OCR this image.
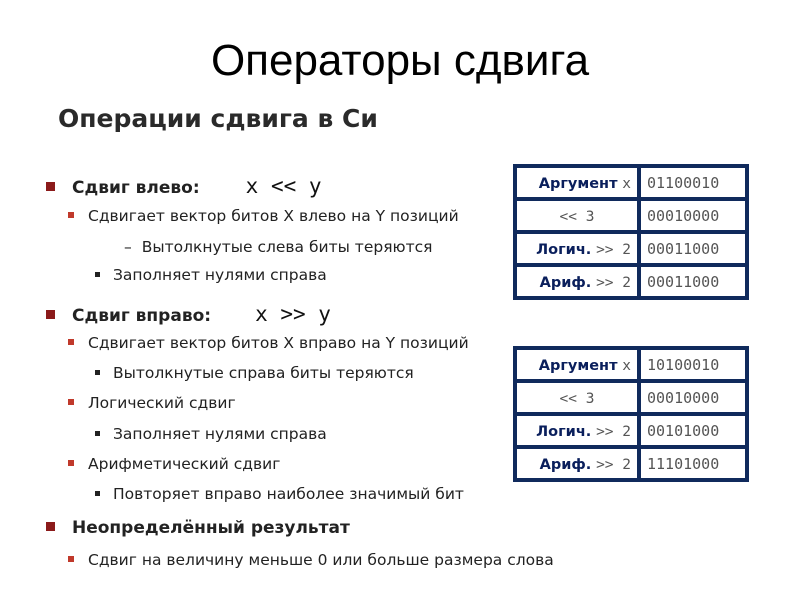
Операторы сдвига
Операции сдвига в Си
Сдвиг влево: x << y
Сдвигает вектор битов X влево на Y позиций
– Вытолкнутые слева биты теряются
Заполняет нулями справа
Сдвиг вправо: x >> y
Сдвигает вектор битов X вправо на Y позиций
Вытолкнутые справа биты теряются
Логический сдвиг
Заполняет нулями справа
Арифметический сдвиг
Повторяет вправо наиболее значимый бит
Неопределённый результат
Сдвиг на величину меньше 0 или больше размера слова
Аргумент x	01100010
<< 3	00010000
Логич. >> 2	00011000
Ариф. >> 2	00011000
Аргумент x	10100010
<< 3	00010000
Логич. >> 2	00101000
Ариф. >> 2	11101000
